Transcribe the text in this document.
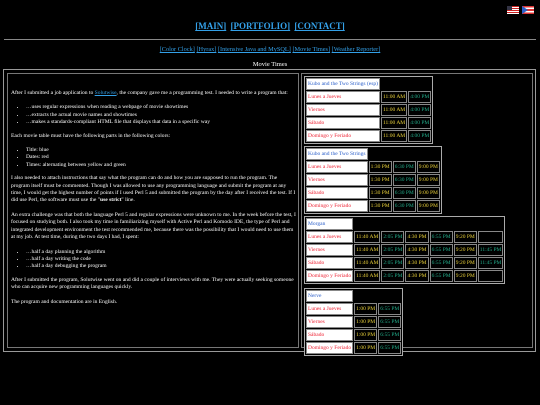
[MAIN] [PORTFOLIO] [CONTACT]
[Color Clock] [Hyrax] [Intensive Java and MySQL] [Movie Times] [Weather Reporter]
Movie Times

After I submitted a job application to Solutwise, the company gave me a programming test. I needed to write a program that:

• …uses regular expressions when reading a webpage of movie showtimes
• …extracts the actual movie names and showtimes
• …makes a standards-compliant HTML file that displays that data in a specific way

Each movie table must have the following parts in the following colors:

• Title: blue
• Dates: red
• Times: alternating between yellow and green

I also needed to attach instructions that say what the program can do and how you are supposed to run the program. The program itself must be commented. Though I was allowed to use any programming language and submit the program at any time, I would get the highest number of points if I used Perl 5 and submitted the program by the day after I received the test. If I did use Perl, the software must use the "use strict" line.

An extra challenge was that both the language Perl 5 and regular expressions were unknown to me. In the week before the test, I focused on studying both. I also took my time in familiarizing myself with Active Perl and Komodo IDE, the type of Perl and integrated development environment the test recommended me, because there was the possibility that I would need to use them at my job. At test time, during the two days I had, I spent:

• …half a day planning the algorithm
• …half a day writing the code
• …half a day debugging the program

After I submitted the program, Solutwise went on and did a couple of interviews with me. They were actually seeking someone who can acquire new programming languages quickly.

The program and documentation are in English.

Kubo and the Two Strings (esp)		
Lunes a Jueves	11:00 AM	4:00 PM
Viernes	11:00 AM	4:00 PM
Sábado	11:00 AM	4:00 PM
Domingo y Feriado	11:00 AM	4:00 PM
Kubo and the Two Strings			
Lunes a Jueves	1:30 PM	6:30 PM	9:00 PM
Viernes	1:30 PM	6:30 PM	9:00 PM
Sábado	1:30 PM	6:30 PM	9:00 PM
Domingo y Feriado	1:30 PM	6:30 PM	9:00 PM
Morgan						
Lunes a Jueves	11:40 AM	2:05 PM	4:30 PM	6:55 PM	9:20 PM	
Viernes	11:40 AM	2:05 PM	4:30 PM	6:55 PM	9:20 PM	11:45 PM
Sábado	11:40 AM	2:05 PM	4:30 PM	6:55 PM	9:20 PM	11:45 PM
Domingo y Feriado	11:40 AM	2:05 PM	4:30 PM	6:55 PM	9:20 PM	
Nerve		
Lunes a Jueves	1:00 PM	6:55 PM
Viernes	1:00 PM	6:55 PM
Sábado	1:00 PM	6:55 PM
Domingo y Feriado	1:00 PM	6:55 PM
